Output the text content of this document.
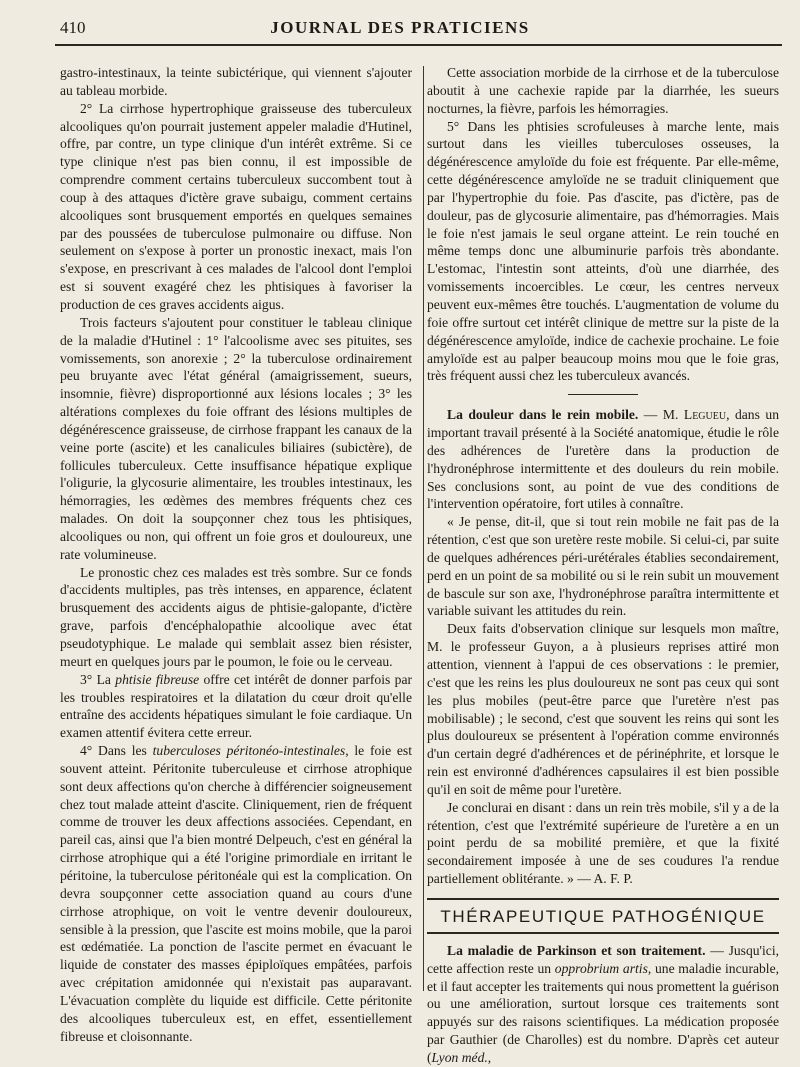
410	JOURNAL DES PRATICIENS

gastro-intestinaux, la teinte subictérique, qui viennent s'ajouter au tableau morbide.

2° La cirrhose hypertrophique graisseuse des tuberculeux alcooliques qu'on pourrait justement appeler maladie d'Hutinel, offre, par contre, un type clinique d'un intérêt extrême. Si ce type clinique n'est pas bien connu, il est impossible de comprendre comment certains tuberculeux succombent tout à coup à des attaques d'ictère grave subaigu, comment certains alcooliques sont brusquement emportés en quelques semaines par des poussées de tuberculose pulmonaire ou diffuse. Non seulement on s'expose à porter un pronostic inexact, mais l'on s'expose, en prescrivant à ces malades de l'alcool dont l'emploi est si souvent exagéré chez les phtisiques à favoriser la production de ces graves accidents aigus.

Trois facteurs s'ajoutent pour constituer le tableau clinique de la maladie d'Hutinel : 1° l'alcoolisme avec ses pituites, ses vomissements, son anorexie ; 2° la tuberculose ordinairement peu bruyante avec l'état général (amaigrissement, sueurs, insomnie, fièvre) disproportionné aux lésions locales ; 3° les altérations complexes du foie offrant des lésions multiples de dégénérescence graisseuse, de cirrhose frappant les canaux de la veine porte (ascite) et les canalicules biliaires (subictère), de follicules tuberculeux. Cette insuffisance hépatique explique l'oligurie, la glycosurie alimentaire, les troubles intestinaux, les hémorragies, les œdèmes des membres fréquents chez ces malades. On doit la soupçonner chez tous les phtisiques, alcooliques ou non, qui offrent un foie gros et douloureux, une rate volumineuse.

Le pronostic chez ces malades est très sombre. Sur ce fonds d'accidents multiples, pas très intenses, en apparence, éclatent brusquement des accidents aigus de phtisie-galopante, d'ictère grave, parfois d'encéphalopathie alcoolique avec état pseudotyphique. Le malade qui semblait assez bien résister, meurt en quelques jours par le poumon, le foie ou le cerveau.

3° La phtisie fibreuse offre cet intérêt de donner parfois par les troubles respiratoires et la dilatation du cœur droit qu'elle entraîne des accidents hépatiques simulant le foie cardiaque. Un examen attentif évitera cette erreur.

4° Dans les tuberculoses péritonéo-intestinales, le foie est souvent atteint. Péritonite tuberculeuse et cirrhose atrophique sont deux affections qu'on cherche à différencier soigneusement chez tout malade atteint d'ascite. Cliniquement, rien de fréquent comme de trouver les deux affections associées. Cependant, en pareil cas, ainsi que l'a bien montré Delpeuch, c'est en général la cirrhose atrophique qui a été l'origine primordiale en irritant le péritoine, la tuberculose péritonéale qui est la complication. On devra soupçonner cette association quand au cours d'une cirrhose atrophique, on voit le ventre devenir douloureux, sensible à la pression, que l'ascite est moins mobile, que la paroi est œdématiée. La ponction de l'ascite permet en évacuant le liquide de constater des masses épiploïques empâtées, parfois avec crépitation amidonnée qui n'existait pas auparavant. L'évacuation complète du liquide est difficile. Cette péritonite des alcooliques tuberculeux est, en effet, essentiellement fibreuse et cloisonnante.

Cette association morbide de la cirrhose et de la tuberculose aboutit à une cachexie rapide par la diarrhée, les sueurs nocturnes, la fièvre, parfois les hémorragies.

5° Dans les phtisies scrofuleuses à marche lente, mais surtout dans les vieilles tuberculoses osseuses, la dégénérescence amyloïde du foie est fréquente. Par elle-même, cette dégénérescence amyloïde ne se traduit cliniquement que par l'hypertrophie du foie. Pas d'ascite, pas d'ictère, pas de douleur, pas de glycosurie alimentaire, pas d'hémorragies. Mais le foie n'est jamais le seul organe atteint. Le rein touché en même temps donc une albuminurie parfois très abondante. L'estomac, l'intestin sont atteints, d'où une diarrhée, des vomissements incoercibles. Le cœur, les centres nerveux peuvent eux-mêmes être touchés. L'augmentation de volume du foie offre surtout cet intérêt clinique de mettre sur la piste de la dégénérescence amyloïde, indice de cachexie prochaine. Le foie amyloïde est au palper beaucoup moins mou que le foie gras, très fréquent aussi chez les tuberculeux avancés.

La douleur dans le rein mobile. — M. Legueu, dans un important travail présenté à la Société anatomique, étudie le rôle des adhérences de l'uretère dans la production de l'hydronéphrose intermittente et des douleurs du rein mobile. Ses conclusions sont, au point de vue des conditions de l'intervention opératoire, fort utiles à connaître.

« Je pense, dit-il, que si tout rein mobile ne fait pas de la rétention, c'est que son uretère reste mobile. Si celui-ci, par suite de quelques adhérences péri-urétérales établies secondairement, perd en un point de sa mobilité ou si le rein subit un mouvement de bascule sur son axe, l'hydronéphrose paraîtra intermittente et variable suivant les attitudes du rein.

Deux faits d'observation clinique sur lesquels mon maître, M. le professeur Guyon, a à plusieurs reprises attiré mon attention, viennent à l'appui de ces observations : le premier, c'est que les reins les plus douloureux ne sont pas ceux qui sont les plus mobiles (peut-être parce que l'uretère n'est pas mobilisable) ; le second, c'est que souvent les reins qui sont les plus douloureux se présentent à l'opération comme environnés d'un certain degré d'adhérences et de périnéphrite, et lorsque le rein est environné d'adhérences capsulaires il est bien possible qu'il en soit de même pour l'uretère.

Je conclurai en disant : dans un rein très mobile, s'il y a de la rétention, c'est que l'extrémité supérieure de l'uretère a en un point perdu de sa mobilité première, et que la fixité secondairement imposée à une de ses coudures l'a rendue partiellement oblitérante. » — A. F. P.

THÉRAPEUTIQUE PATHOGÉNIQUE

La maladie de Parkinson et son traitement. — Jusqu'ici, cette affection reste un opprobrium artis, une maladie incurable, et il faut accepter les traitements qui nous promettent la guérison ou une amélioration, surtout lorsque ces traitements sont appuyés sur des raisons scientifiques. La médication proposée par Gauthier (de Charolles) est du nombre. D'après cet auteur (Lyon méd.,
